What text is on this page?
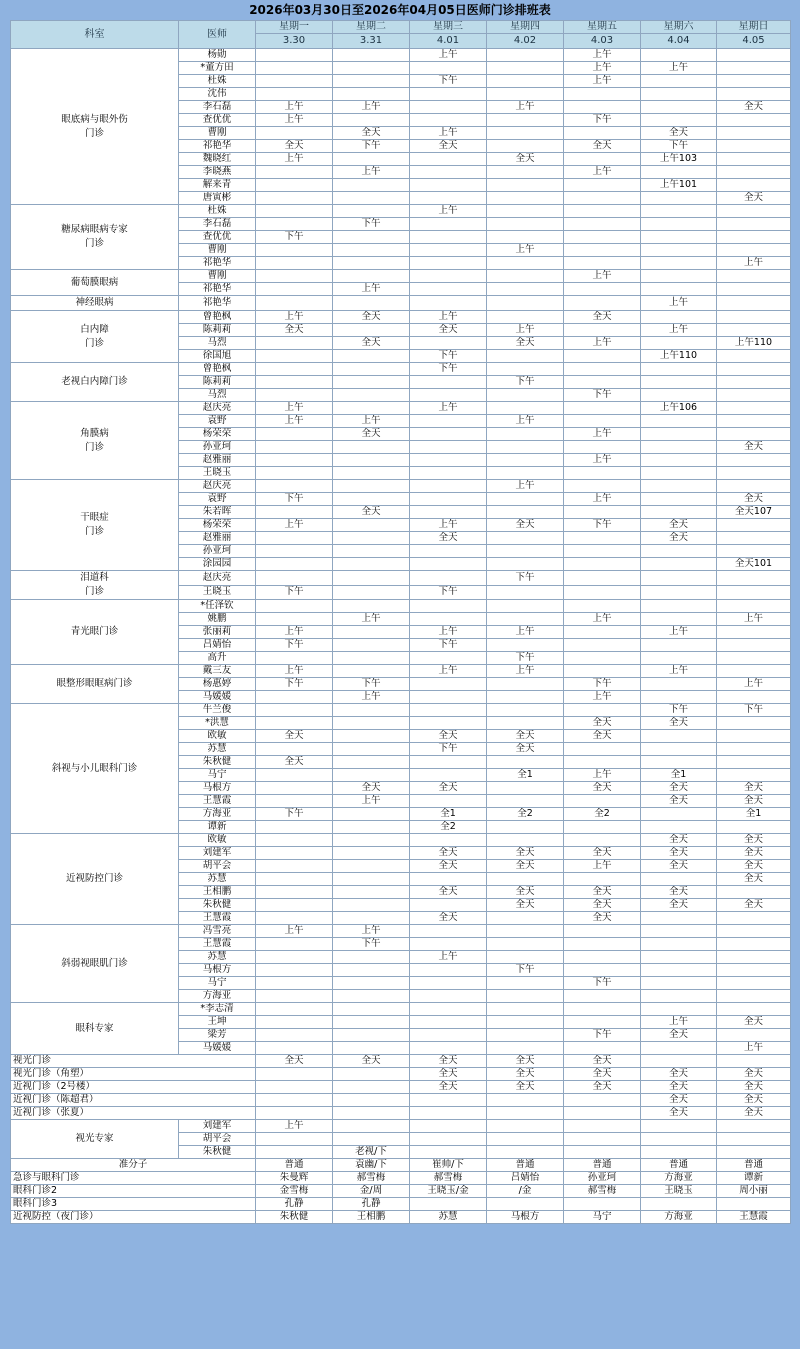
2026年03月30日至2026年04月05日医师门诊排班表
科室	医师	星期一	星期二	星期三	星期四	星期五	星期六	星期日
		3.30	3.31	4.01	4.02	4.03	4.04	4.05
眼底病与眼外伤
门诊	杨勋			上午		上午		
	*董方田					上午	上午	
	杜姝			下午		上午		
	沈伟							
	李石磊	上午	上午		上午			全天
	查优优	上午				下午		
	曹刚		全天	上午			全天	
	祁艳华	全天	下午	全天		全天	下午	
	魏晓红	上午			全天		上午103	
	李晓燕		上午			上午		
	解来青						上午101	
	唐寅彬							全天
糖尿病眼病专家
门诊	杜姝			上午				
	李石磊		下午					
	查优优	下午						
	曹刚				上午			
	祁艳华							上午
葡萄膜眼病	曹刚					上午		
	祁艳华		上午					
神经眼病	祁艳华						上午	
白内障
门诊	曾艳枫	上午	全天	上午		全天		
	陈莉莉	全天		全天	上午		上午	
	马烈		全天		全天	上午		上午110
	徐国旭			下午			上午110	
老视白内障门诊	曾艳枫			下午				
	陈莉莉				下午			
	马烈					下午		
角膜病
门诊	赵庆亮	上午		上午			上午106	
	袁野	上午	上午		上午			
	杨荣荣		全天			上午		
	孙亚珂							全天
	赵雅丽					上午		
	王晓玉							
干眼症
门诊	赵庆亮				上午			
	袁野	下午				上午		全天
	朱若晖		全天					全天107
	杨荣荣	上午		上午	全天	下午	全天	
	赵雅丽			全天			全天	
	孙亚珂							
	涂园园							全天101
泪道科
门诊	赵庆亮				下午			
	王晓玉	下午		下午				
青光眼门诊	*任泽钦							
	姚鹏		上午			上午		上午
	张丽莉	上午		上午	上午		上午	
	吕婧怡	下午		下午				
	高升				下午			
眼整形眼眶病门诊	戴三友	上午		上午	上午		上午	
	杨惠婷	下午	下午			下午		上午
	马媛媛		上午			上午		
斜视与小儿眼科门诊	牛兰俊						下午	下午
	*洪慧					全天	全天	
	欧敏	全天		全天	全天	全天		
	苏慧			下午	全天			
	朱秋健	全天						
	马宁				全1	上午	全1	
	马根方		全天	全天		全天	全天	全天
	王慧霞		上午				全天	全天
	方海亚	下午		全1	全2	全2		全1
	谭新			全2				
近视防控门诊	欧敏						全天	全天
	刘建军			全天	全天	全天	全天	全天
	胡平会			全天	全天	上午	全天	全天
	苏慧							全天
	王相鹏			全天	全天	全天	全天	
	朱秋健				全天	全天	全天	全天
	王慧霞			全天		全天		
斜弱视眼肌门诊	冯雪亮	上午	上午					
	王慧霞		下午					
	苏慧			上午				
	马根方				下午			
	马宁					下午		
	方海亚							
眼科专家	*李志清							
	王坤						上午	全天
	梁芳					下午	全天	
	马媛媛							上午
视光门诊		全天	全天	全天	全天	全天		
视光门诊（角塑）				全天	全天	全天	全天	全天
近视门诊（2号楼）				全天	全天	全天	全天	全天
近视门诊（陈超君）							全天	全天
近视门诊（张夏）							全天	全天
视光专家	刘建军	上午						
	胡平会							
	朱秋健		老视/下					
准分子		普通	袁幽/下	崔帅/下	普通	普通	普通	普通
急诊与眼科门诊		朱曼辉	郝雪梅	郝雪梅	吕婧怡	孙亚珂	方海亚	谭新
眼科门诊2		金雪梅	金/周	王晓玉/金	/金	郝雪梅	王晓玉	周小丽
眼科门诊3		孔静	孔静					
近视防控（夜门诊）		朱秋健	王相鹏	苏慧	马根方	马宁	方海亚	王慧霞
